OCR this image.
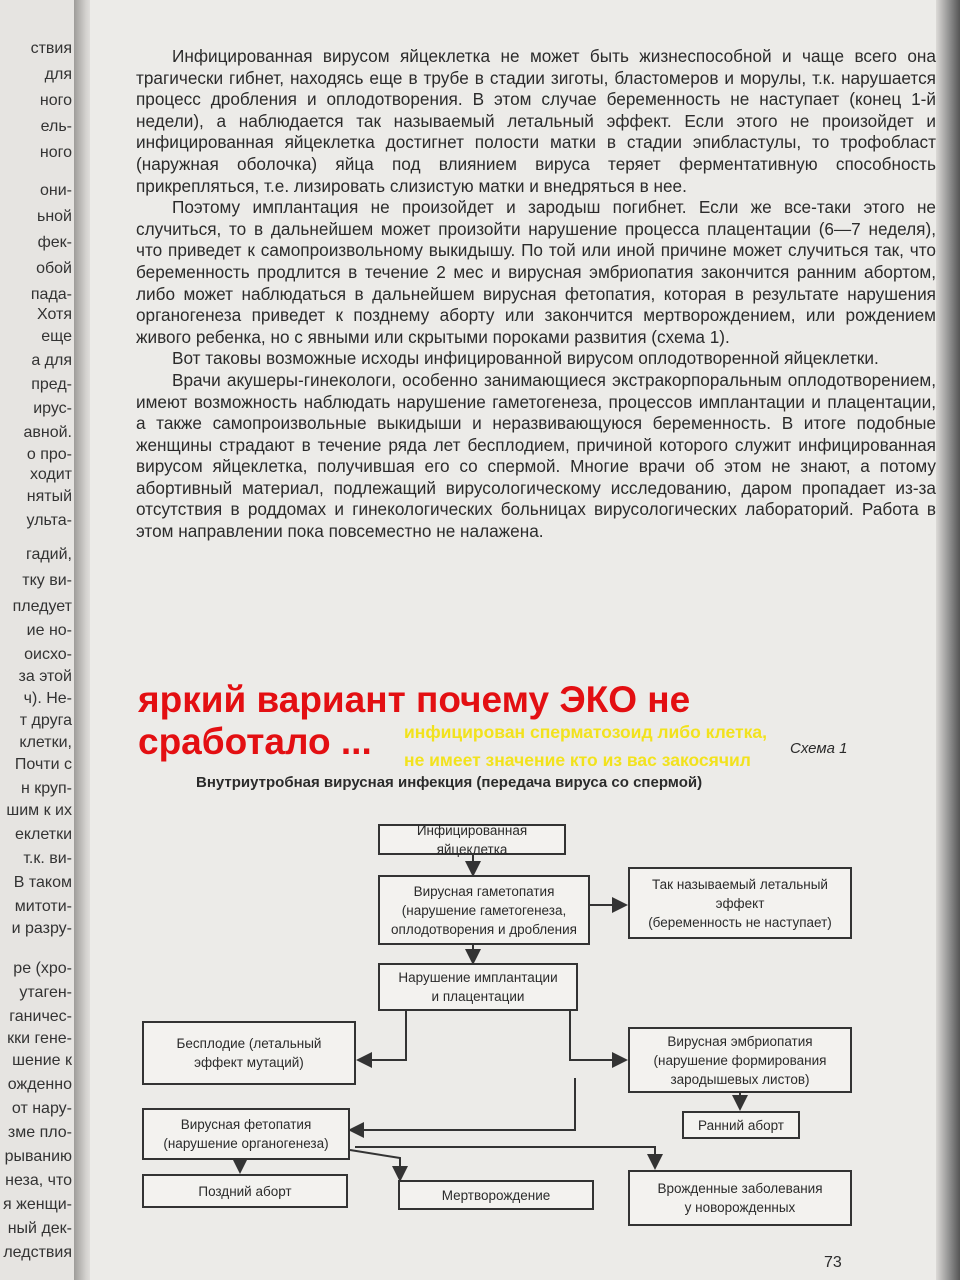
ствия
для
ного
ель-
ного
они-
ьной
фек-
обой
пада-
Хотя
еще
а для
пред-
ирус-
авной.
о про-
ходит
нятый
ульта-
гадий,
тку ви-
пледует
ие но-
оисхо-
за этой
ч). Не-
т друга
клетки,
Почти с
н круп-
шим к их
еклетки
т.к. ви-
В таком
митоти-
и разру-
ре (хро-
утаген-
ганичес-
кки гене-
шение к
ожденно
от нару-
зме пло-
рыванию
неза, что
я женщи-
ный дек-
ледствия

Инфицированная вирусом яйцеклетка не может быть жизнеспособной и чаще всего она трагически гибнет, находясь еще в трубе в стадии зиготы, бластомеров и морулы, т.к. нарушается процесс дробления и оплодотворения. В этом случае беременность не наступает (конец 1-й недели), а наблюдается так называемый летальный эффект. Если этого не произойдет и инфицированная яйцеклетка достигнет полости матки в стадии эпибластулы, то трофобласт (наружная оболочка) яйца под влиянием вируса теряет ферментативную способность прикрепляться, т.е. лизировать слизистую матки и внедряться в нее.

Поэтому имплантация не произойдет и зародыш погибнет. Если же все-таки этого не случиться, то в дальнейшем может произойти нарушение процесса плацентации (6—7 неделя), что приведет к самопроизвольному выкидышу. По той или иной причине может случиться так, что беременность продлится в течение 2 мес и вирусная эмбриопатия закончится ранним абортом, либо может наблюдаться в дальнейшем вирусная фетопатия, которая в результате нарушения органогенеза приведет к позднему аборту или закончится мертворождением, или рождением живого ребенка, но с явными или скрытыми пороками развития (схема 1).

Вот таковы возможные исходы инфицированной вирусом оплодотворенной яйцеклетки.

Врачи акушеры-гинекологи, особенно занимающиеся экстракорпоральным оплодотворением, имеют возможность наблюдать нарушение гаметогенеза, процессов имплантации и плацентации, а также самопроизвольные выкидыши и неразвивающуюся беременность. В итоге подобные женщины страдают в течение ряда лет бесплодием, причиной которого служит инфицированная вирусом яйцеклетка, получившая его со спермой. Многие врачи об этом не знают, а потому абортивный материал, подлежащий вирусологическому исследованию, даром пропадает из-за отсутствия в роддомах и гинекологических больницах вирусологических лабораторий. Работа в этом направлении пока повсеместно не налажена.

яркий вариант почему ЭКО не
сработало ... инфицирован сперматозоид либо клетка,
не имеет значение кто из вас закосячил
Схема 1
Внутриутробная вирусная инфекция (передача вируса со спермой)
Инфицированная яйцеклетка
Вирусная гаметопатия
(нарушение гаметогенеза,
оплодотворения и дробления
Так называемый летальный
эффект
(беременность не наступает)
Нарушение имплантации
и плацентации
Бесплодие (летальный
эффект мутаций)
Вирусная эмбриопатия
(нарушение формирования
зародышевых листов)
Ранний аборт
Вирусная фетопатия
(нарушение органогенеза)
Поздний аборт	Мертворождение	Врожденные заболевания
у новорожденных
73
